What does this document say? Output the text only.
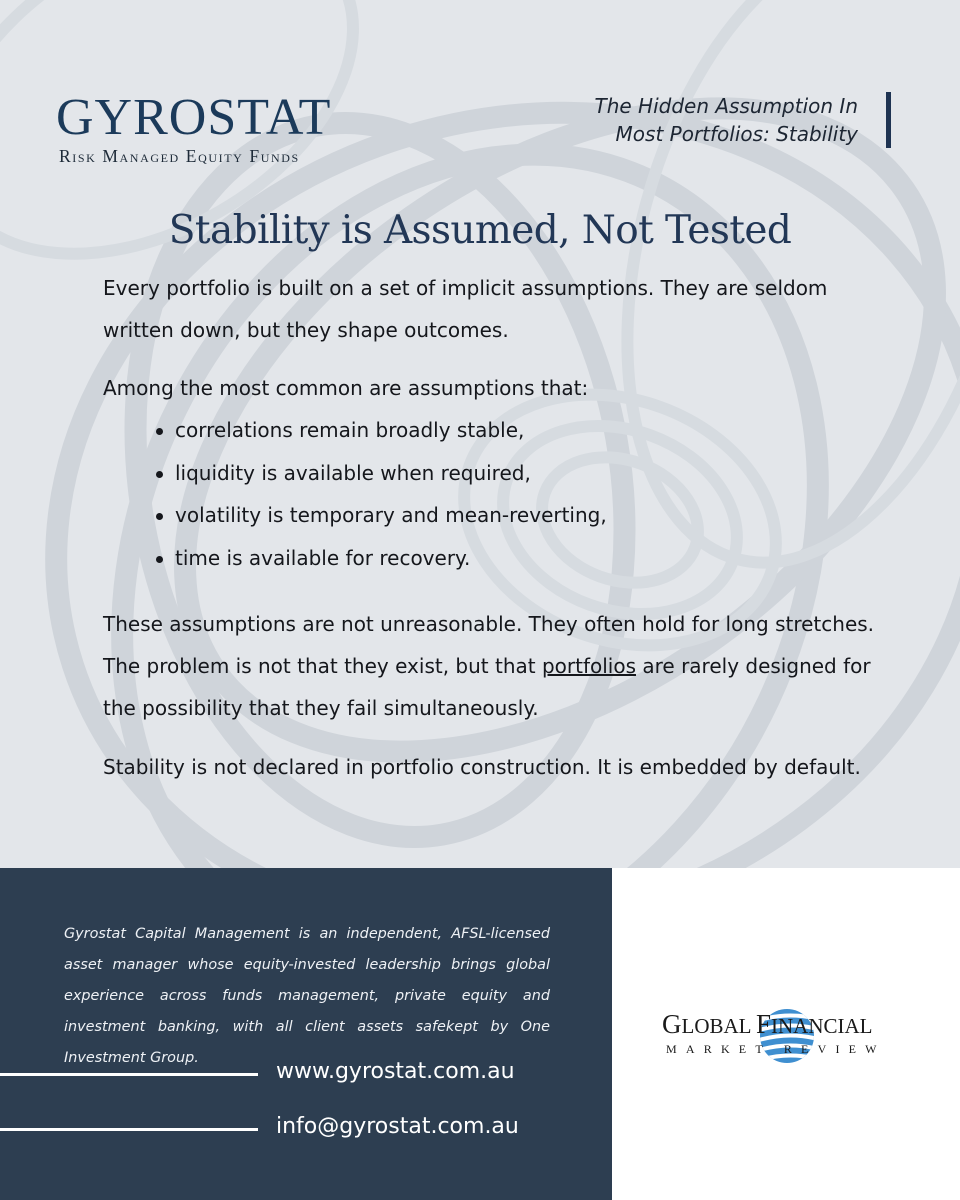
GYROSTAT
Risk Managed Equity Funds
The Hidden Assumption In
Most Portfolios: Stability
Stability is Assumed, Not Tested

Every portfolio is built on a set of implicit assumptions. They are seldom written down, but they shape outcomes.

Among the most common are assumptions that:

correlations remain broadly stable,
liquidity is available when required,
volatility is temporary and mean-reverting,
time is available for recovery.

These assumptions are not unreasonable. They often hold for long stretches. The problem is not that they exist, but that portfolios are rarely designed for the possibility that they fail simultaneously.

Stability is not declared in portfolio construction. It is embedded by default.

Gyrostat Capital Management is an independent, AFSL-licensed asset manager whose equity-invested leadership brings global experience across funds management, private equity and investment banking, with all client assets safekept by One Investment Group.
www.gyrostat.com.au
info@gyrostat.com.au
GLOBAL FINANCIAL
MARKET REVIEW
